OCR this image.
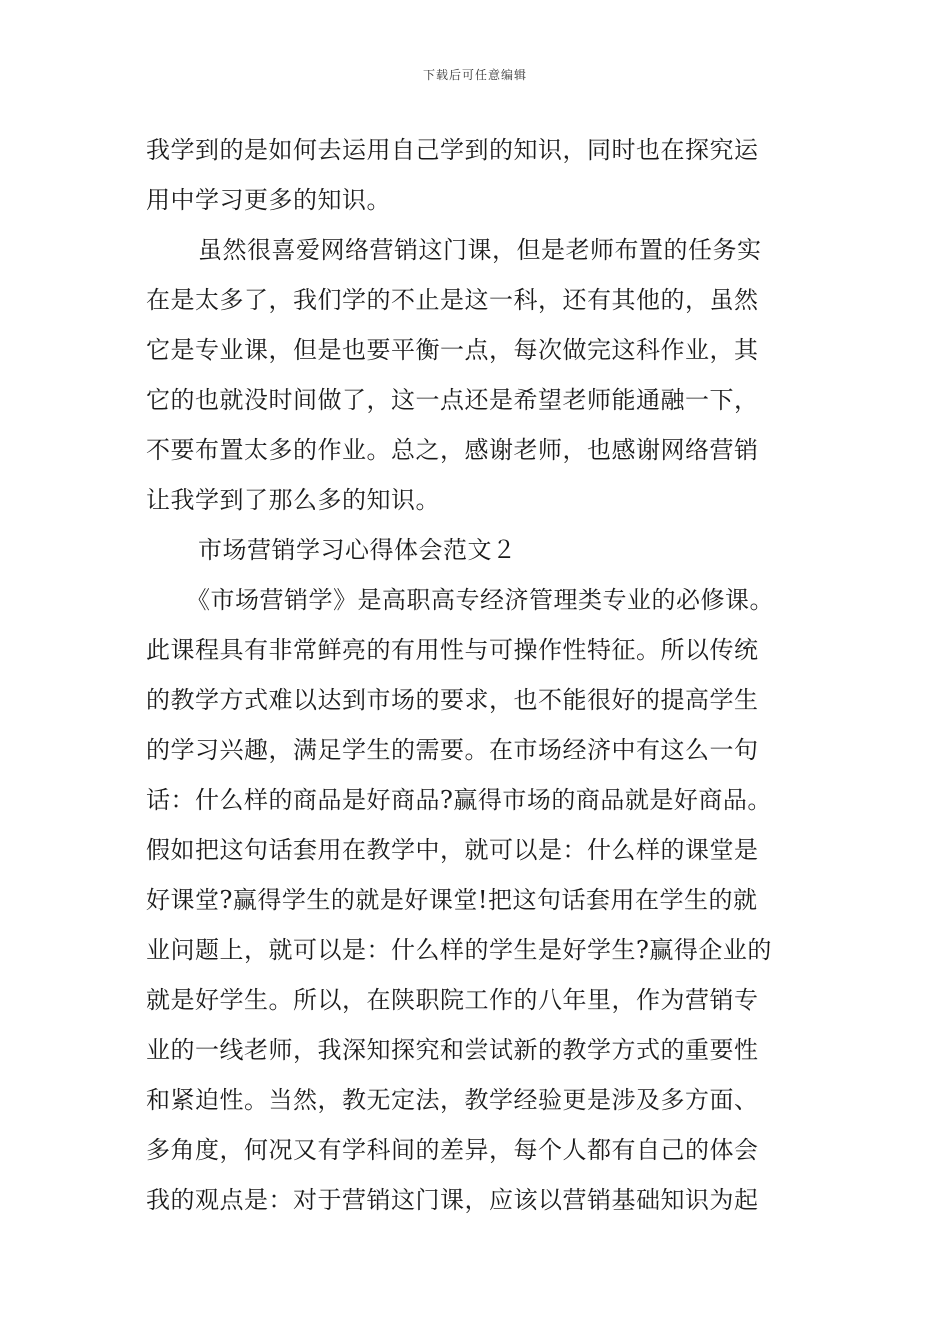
下载后可任意编辑
我学到的是如何去运用自己学到的知识，同时也在探究运
用中学习更多的知识。
虽然很喜爱网络营销这门课，但是老师布置的任务实
在是太多了，我们学的不止是这一科，还有其他的，虽然
它是专业课，但是也要平衡一点，每次做完这科作业，其
它的也就没时间做了，这一点还是希望老师能通融一下，
不要布置太多的作业。总之，感谢老师，也感谢网络营销
让我学到了那么多的知识。
市场营销学习心得体会范文２
《市场营销学》是高职高专经济管理类专业的必修课。
此课程具有非常鲜亮的有用性与可操作性特征。所以传统
的教学方式难以达到市场的要求，也不能很好的提高学生
的学习兴趣，满足学生的需要。在市场经济中有这么一句
话：什么样的商品是好商品?赢得市场的商品就是好商品。
假如把这句话套用在教学中，就可以是：什么样的课堂是
好课堂?赢得学生的就是好课堂!把这句话套用在学生的就
业问题上，就可以是：什么样的学生是好学生?赢得企业的
就是好学生。所以，在陕职院工作的八年里，作为营销专
业的一线老师，我深知探究和尝试新的教学方式的重要性
和紧迫性。当然，教无定法，教学经验更是涉及多方面、
多角度，何况又有学科间的差异，每个人都有自己的体会
我的观点是：对于营销这门课，应该以营销基础知识为起
